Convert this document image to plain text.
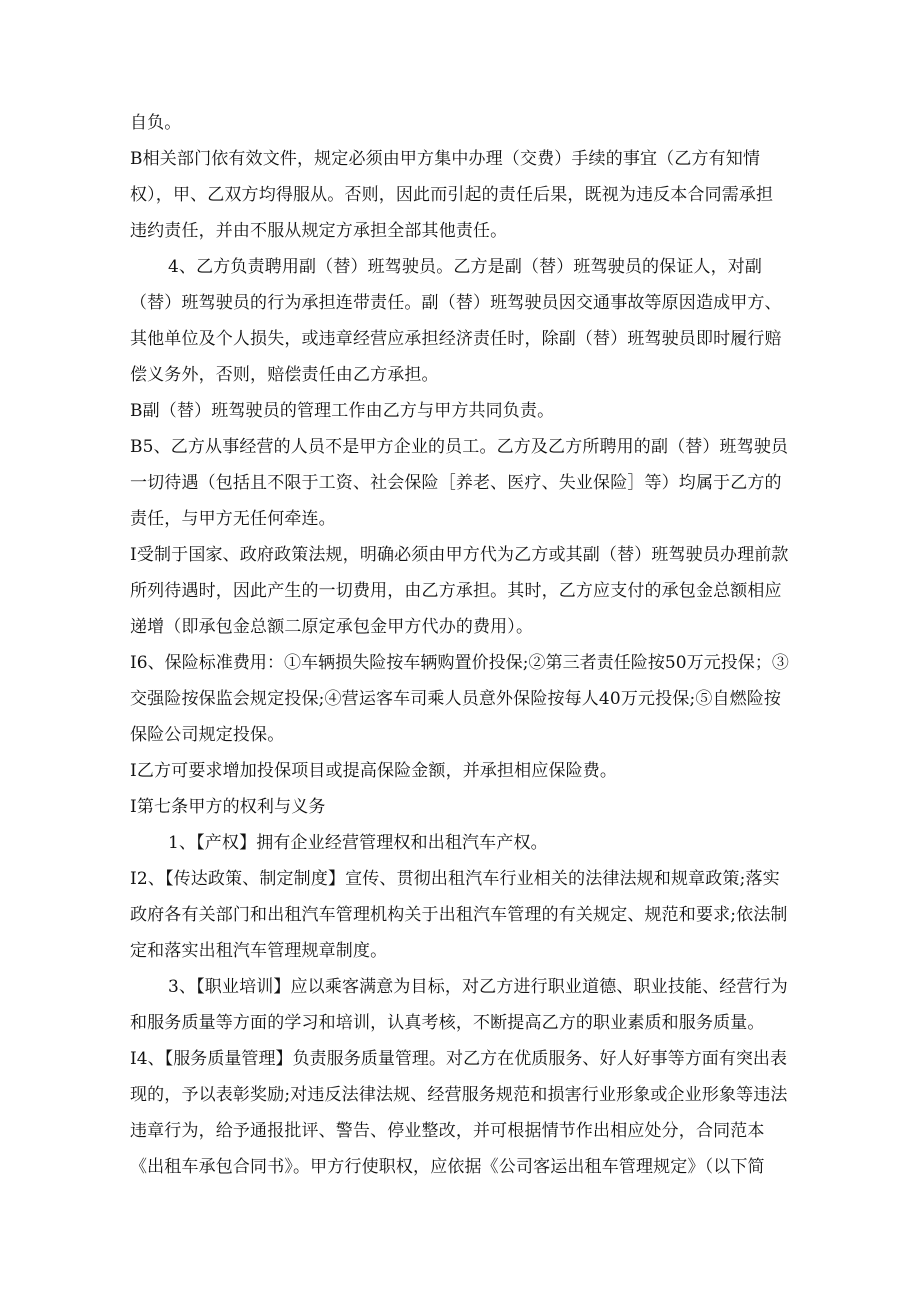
自负。
B相关部门依有效文件，规定必须由甲方集中办理（交费）手续的事宜（乙方有知情
权），甲、乙双方均得服从。否则，因此而引起的责任后果，既视为违反本合同需承担
违约责任，并由不服从规定方承担全部其他责任。
4、乙方负责聘用副（替）班驾驶员。乙方是副（替）班驾驶员的保证人，对副
（替）班驾驶员的行为承担连带责任。副（替）班驾驶员因交通事故等原因造成甲方、
其他单位及个人损失，或违章经营应承担经济责任时，除副（替）班驾驶员即时履行赔
偿义务外，否则，赔偿责任由乙方承担。
B副（替）班驾驶员的管理工作由乙方与甲方共同负责。
B5、乙方从事经营的人员不是甲方企业的员工。乙方及乙方所聘用的副（替）班驾驶员
一切待遇（包括且不限于工资、社会保险［养老、医疗、失业保险］等）均属于乙方的
责任，与甲方无任何牵连。
I受制于国家、政府政策法规，明确必须由甲方代为乙方或其副（替）班驾驶员办理前款
所列待遇时，因此产生的一切费用，由乙方承担。其时，乙方应支付的承包金总额相应
递增（即承包金总额二原定承包金甲方代办的费用）。
I6、保险标准费用：①车辆损失险按车辆购置价投保;②第三者责任险按50万元投保；③
交强险按保监会规定投保;④营运客车司乘人员意外保险按每人40万元投保;⑤自燃险按
保险公司规定投保。
I乙方可要求增加投保项目或提高保险金额，并承担相应保险费。
I第七条甲方的权利与义务
1、【产权】拥有企业经营管理权和出租汽车产权。
I2、【传达政策、制定制度】宣传、贯彻出租汽车行业相关的法律法规和规章政策;落实
政府各有关部门和出租汽车管理机构关于出租汽车管理的有关规定、规范和要求;依法制
定和落实出租汽车管理规章制度。
3、【职业培训】应以乘客满意为目标，对乙方进行职业道德、职业技能、经营行为
和服务质量等方面的学习和培训，认真考核，不断提高乙方的职业素质和服务质量。
I4、【服务质量管理】负责服务质量管理。对乙方在优质服务、好人好事等方面有突出表
现的，予以表彰奖励;对违反法律法规、经营服务规范和损害行业形象或企业形象等违法
违章行为，给予通报批评、警告、停业整改，并可根据情节作出相应处分，合同范本
《出租车承包合同书》。甲方行使职权，应依据《公司客运出租车管理规定》（以下简
